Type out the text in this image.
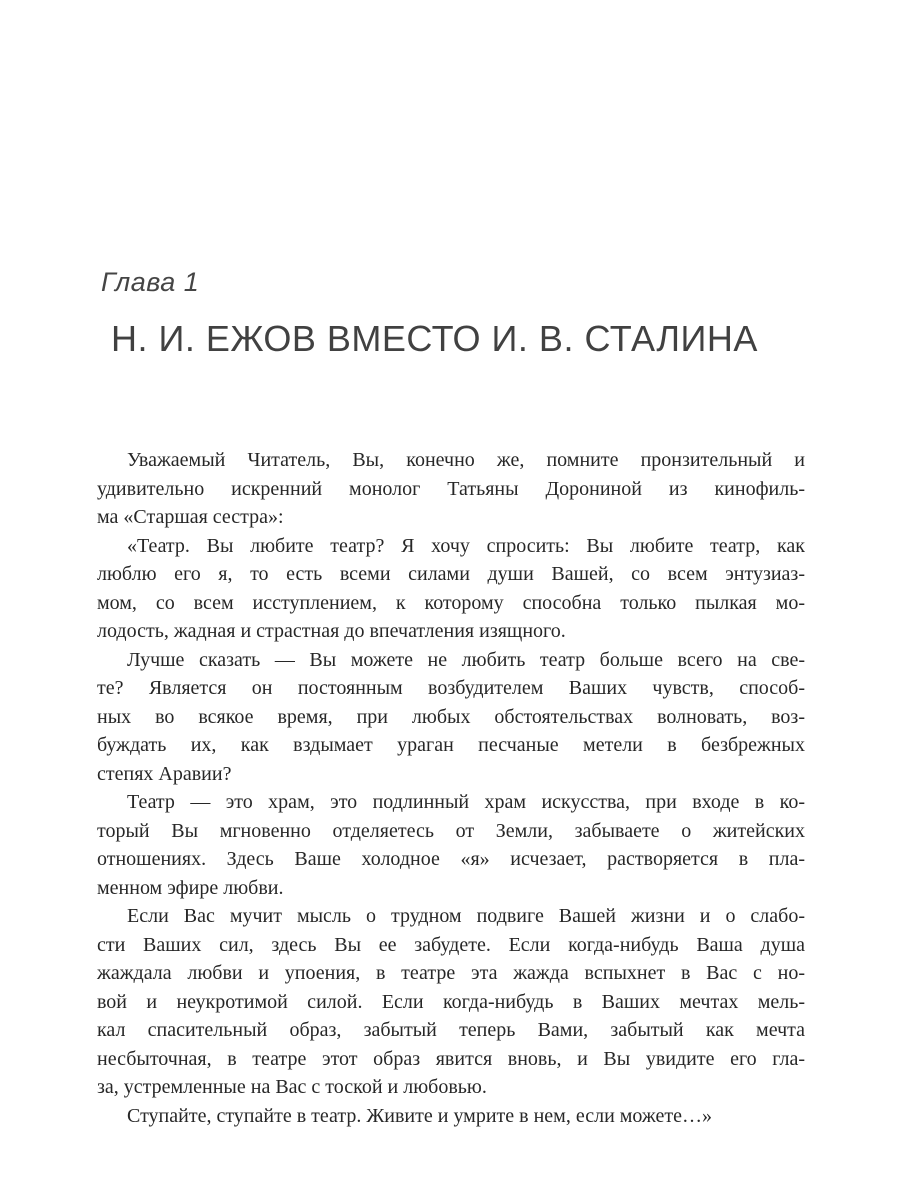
Глава 1
Н. И. ЕЖОВ ВМЕСТО И. В. СТАЛИНА
Уважаемый Читатель, Вы, конечно же, помните пронзительный и
удивительно искренний монолог Татьяны Дорониной из кинофиль-
ма «Старшая сестра»:
«Театр. Вы любите театр? Я хочу спросить: Вы любите театр, как
люблю его я, то есть всеми силами души Вашей, со всем энтузиаз-
мом, со всем исступлением, к которому способна только пылкая мо-
лодость, жадная и страстная до впечатления изящного.
Лучше сказать — Вы можете не любить театр больше всего на све-
те? Является он постоянным возбудителем Ваших чувств, способ-
ных во всякое время, при любых обстоятельствах волновать, воз-
буждать их, как вздымает ураган песчаные метели в безбрежных
степях Аравии?
Театр — это храм, это подлинный храм искусства, при входе в ко-
торый Вы мгновенно отделяетесь от Земли, забываете о житейских
отношениях. Здесь Ваше холодное «я» исчезает, растворяется в пла-
менном эфире любви.
Если Вас мучит мысль о трудном подвиге Вашей жизни и о слабо-
сти Ваших сил, здесь Вы ее забудете. Если когда-нибудь Ваша душа
жаждала любви и упоения, в театре эта жажда вспыхнет в Вас с но-
вой и неукротимой силой. Если когда-нибудь в Ваших мечтах мель-
кал спасительный образ, забытый теперь Вами, забытый как мечта
несбыточная, в театре этот образ явится вновь, и Вы увидите его гла-
за, устремленные на Вас с тоской и любовью.
Ступайте, ступайте в театр. Живите и умрите в нем, если можете…»
